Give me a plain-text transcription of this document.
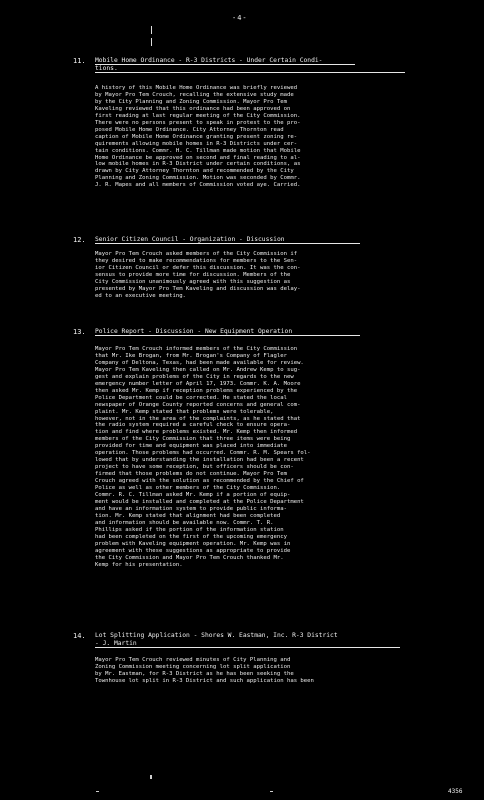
-4-
11. Mobile Home Ordinance - R-3 Districts - Under Certain Condi-
tions.
A history of this Mobile Home Ordinance was briefly reviewed
by Mayor Pro Tem Crouch, recalling the extensive study made
by the City Planning and Zoning Commission. Mayor Pro Tem
Kaveling reviewed that this ordinance had been approved on
first reading at last regular meeting of the City Commission.
There were no persons present to speak in protest to the pro-
posed Mobile Home Ordinance. City Attorney Thornton read
caption of Mobile Home Ordinance granting present zoning re-
quirements allowing mobile homes in R-3 Districts under cer-
tain conditions. Commr. H. C. Tillman made motion that Mobile
Home Ordinance be approved on second and final reading to al-
low mobile homes in R-3 District under certain conditions, as
drawn by City Attorney Thornton and recommended by the City
Planning and Zoning Commission. Motion was seconded by Commr.
J. R. Mapes and all members of Commission voted aye. Carried.
12. Senior Citizen Council - Organization - Discussion
Mayor Pro Tem Crouch asked members of the City Commission if
they desired to make recommendations for members to the Sen-
ior Citizen Council or defer this discussion. It was the con-
sensus to provide more time for discussion. Members of the
City Commission unanimously agreed with this suggestion as
presented by Mayor Pro Tem Kaveling and discussion was delay-
ed to an executive meeting.
13. Police Report - Discussion - New Equipment Operation
Mayor Pro Tem Crouch informed members of the City Commission
that Mr. Ike Brogan, from Mr. Brogan's Company of Flagler
Company of Deltona, Texas, had been made available for review.
Mayor Pro Tem Kaveling then called on Mr. Andrew Kemp to sug-
gest and explain problems of the City in regards to the new
emergency number letter of April 17, 1973. Commr. K. A. Moore
then asked Mr. Kemp if reception problems experienced by the
Police Department could be corrected. He stated the local
newspaper of Orange County reported concerns and general com-
plaint. Mr. Kemp stated that problems were tolerable,
however, not in the area of the complaints, as he stated that
the radio system required a careful check to ensure opera-
tion and find where problems existed. Mr. Kemp then informed
members of the City Commission that three items were being
provided for time and equipment was placed into immediate
operation. Those problems had occurred. Commr. R. M. Spears fol-
lowed that by understanding the installation had been a recent
project to have some reception, but officers should be con-
firmed that those problems do not continue. Mayor Pro Tem
Crouch agreed with the solution as recommended by the Chief of
Police as well as other members of the City Commission.
Commr. R. C. Tillman asked Mr. Kemp if a portion of equip-
ment would be installed and completed at the Police Department
and have an information system to provide public informa-
tion. Mr. Kemp stated that alignment had been completed
and information should be available now. Commr. T. R.
Phillips asked if the portion of the information station
had been completed on the first of the upcoming emergency
problem with Kaveling equipment operation. Mr. Kemp was in
agreement with these suggestions as appropriate to provide
the City Commission and Mayor Pro Tem Crouch thanked Mr.
Kemp for his presentation.
14. Lot Splitting Application - Shores W. Eastman, Inc. R-3 District
- J. Martin
Mayor Pro Tem Crouch reviewed minutes of City Planning and
Zoning Commission meeting concerning lot split application
by Mr. Eastman, for R-3 District as he has been seeking the
Townhouse lot split in R-3 District and such application has been
4356
